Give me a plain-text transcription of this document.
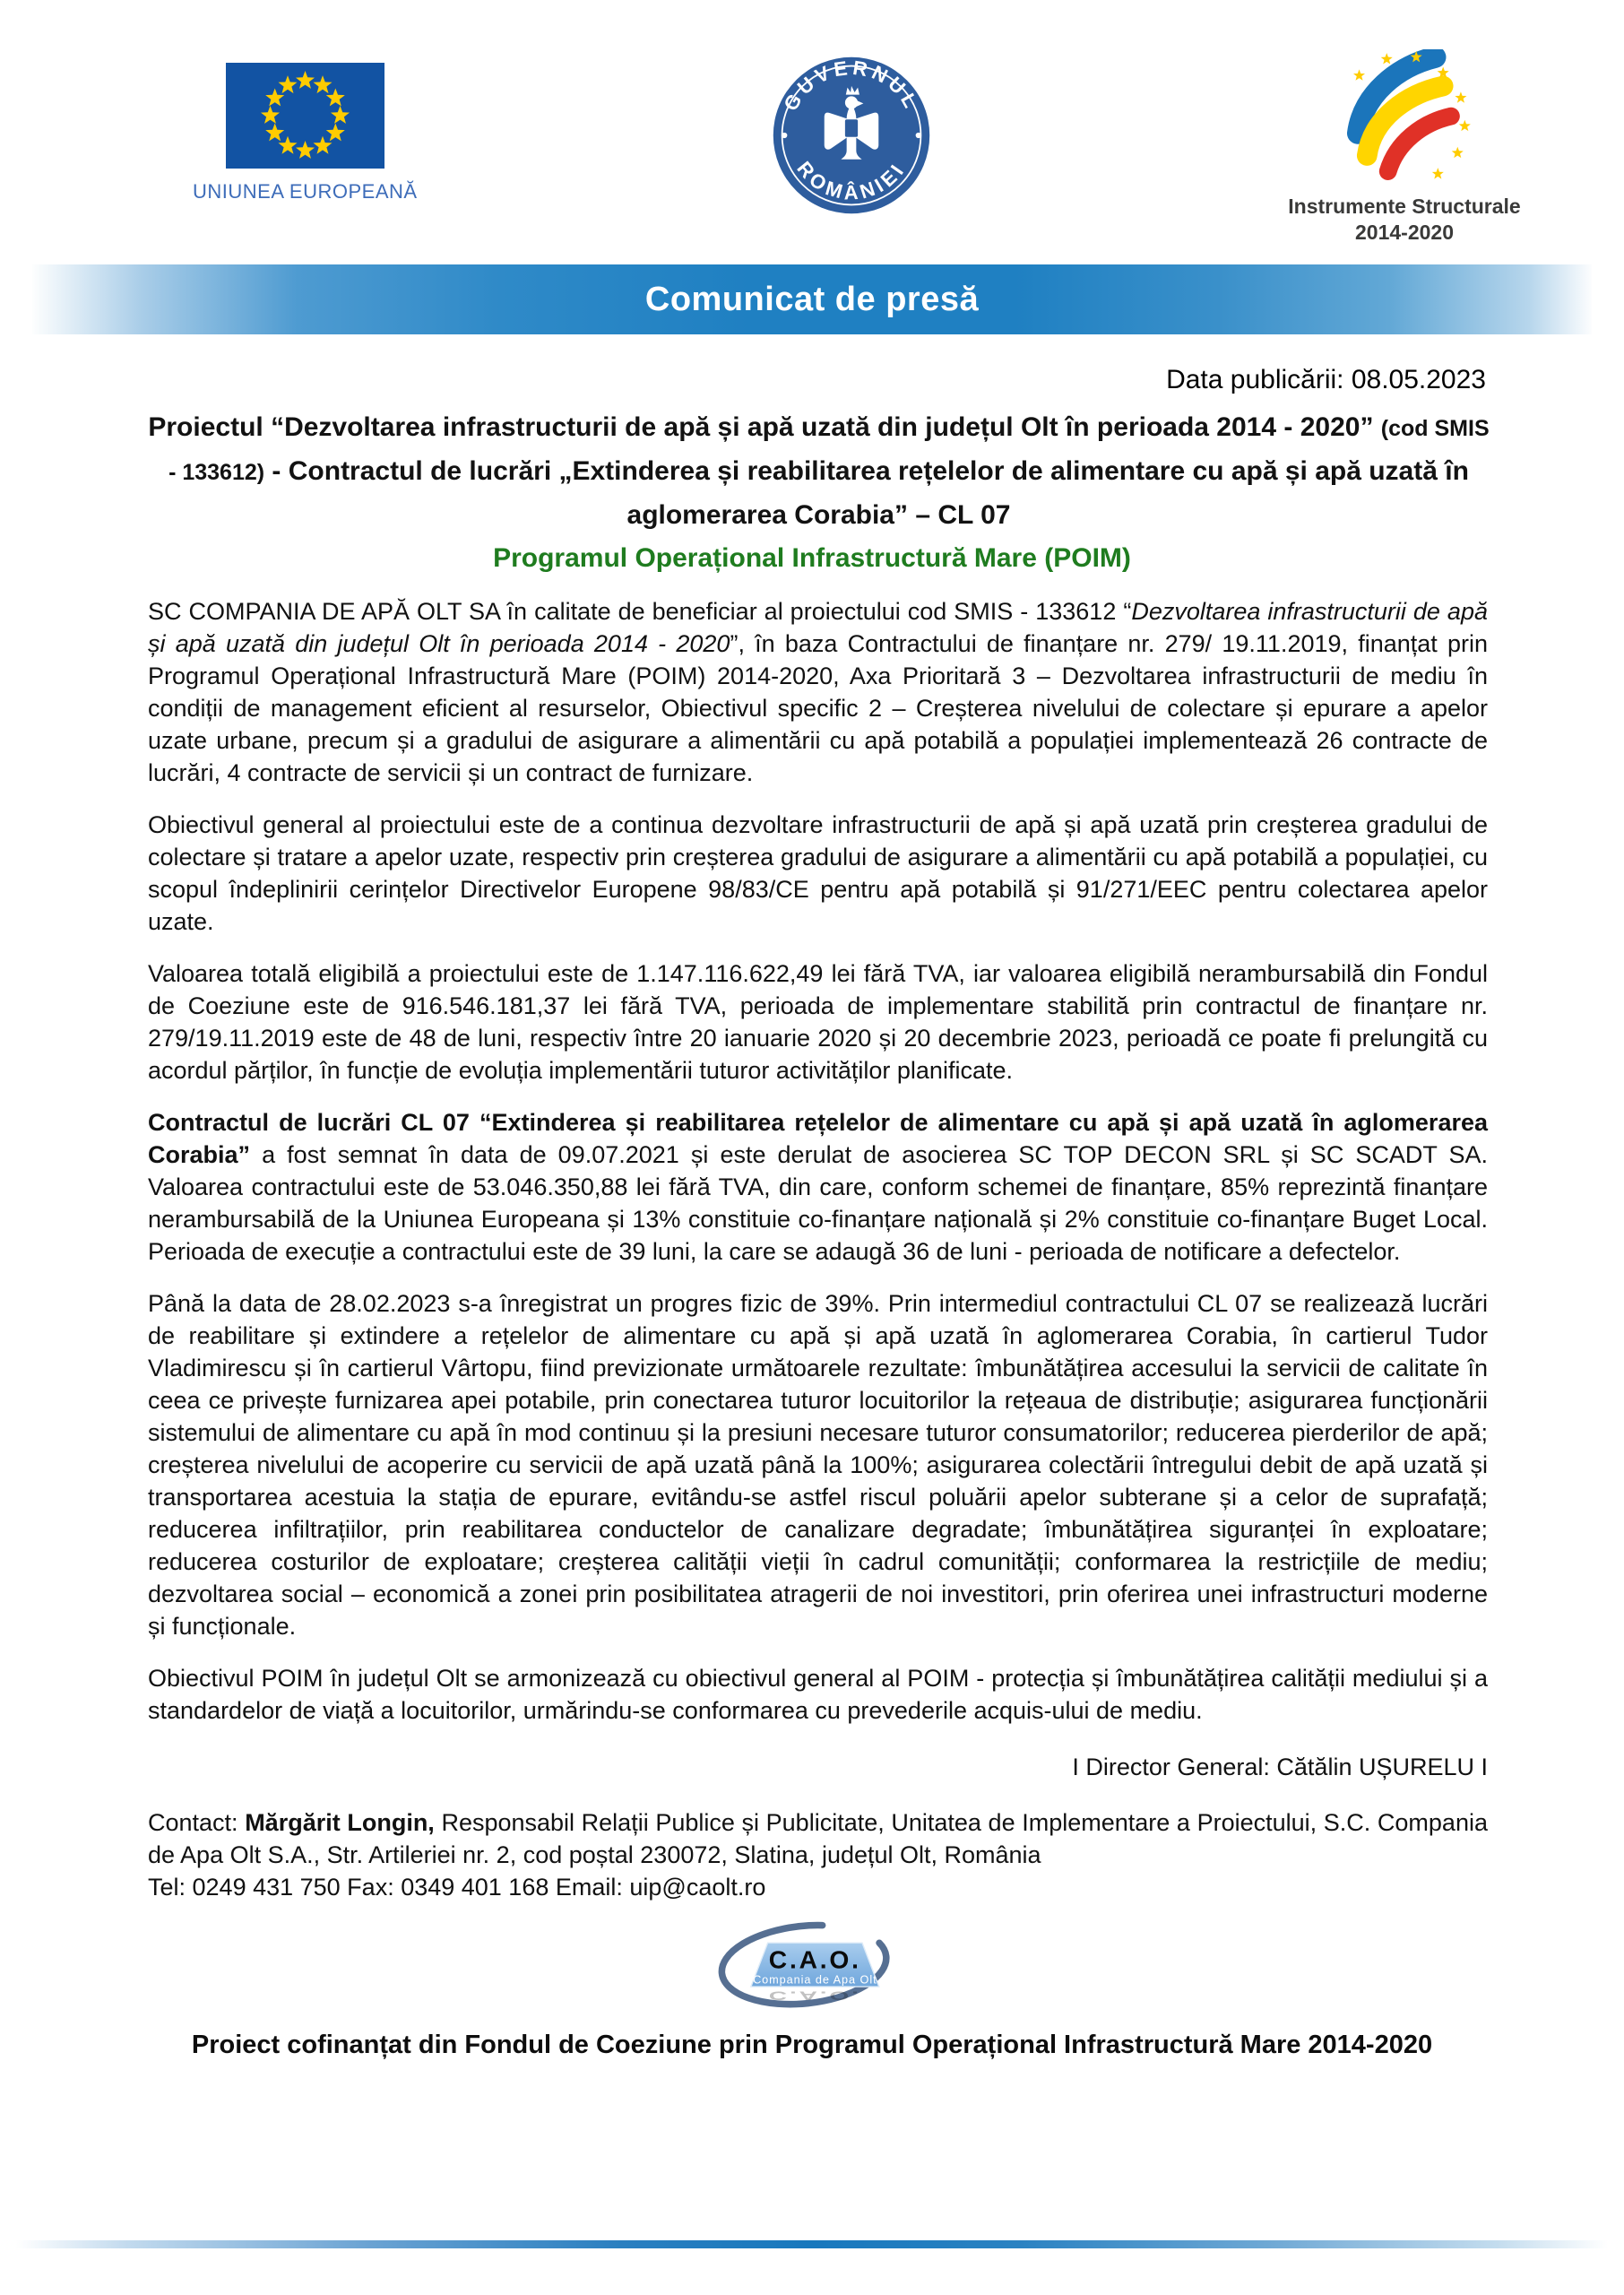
UNIUNEA EUROPEANĂ
GUVERNUL
ROMÂNIEI
Instrumente Structurale
2014-2020
Comunicat de presă
Data publicării: 08.05.2023
Proiectul “Dezvoltarea infrastructurii de apă și apă uzată din județul Olt în perioada 2014 - 2020” (cod SMIS - 133612) - Contractul de lucrări „Extinderea și reabilitarea rețelelor de alimentare cu apă și apă uzată în aglomerarea Corabia” – CL 07
Programul Operațional Infrastructură Mare (POIM)

SC COMPANIA DE APĂ OLT SA în calitate de beneficiar al proiectului cod SMIS - 133612 “Dezvoltarea infrastructurii de apă și apă uzată din județul Olt în perioada 2014 - 2020”, în baza Contractului de finanțare nr. 279/ 19.11.2019, finanțat prin Programul Operațional Infrastructură Mare (POIM) 2014-2020, Axa Prioritară 3 – Dezvoltarea infrastructurii de mediu în condiții de management eficient al resurselor, Obiectivul specific 2 – Creșterea nivelului de colectare și epurare a apelor uzate urbane, precum și a gradului de asigurare a alimentării cu apă potabilă a populației implementează 26 contracte de lucrări, 4 contracte de servicii și un contract de furnizare.

Obiectivul general al proiectului este de a continua dezvoltare infrastructurii de apă și apă uzată prin creșterea gradului de colectare și tratare a apelor uzate, respectiv prin creșterea gradului de asigurare a alimentării cu apă potabilă a populației, cu scopul îndeplinirii cerințelor Directivelor Europene 98/83/CE pentru apă potabilă și 91/271/EEC pentru colectarea apelor uzate.

Valoarea totală eligibilă a proiectului este de 1.147.116.622,49 lei fără TVA, iar valoarea eligibilă nerambursabilă din Fondul de Coeziune este de 916.546.181,37 lei fără TVA, perioada de implementare stabilită prin contractul de finanțare nr. 279/19.11.2019 este de 48 de luni, respectiv între 20 ianuarie 2020 și 20 decembrie 2023, perioadă ce poate fi prelungită cu acordul părților, în funcție de evoluția implementării tuturor activităților planificate.

Contractul de lucrări CL 07 “Extinderea și reabilitarea rețelelor de alimentare cu apă și apă uzată în aglomerarea Corabia” a fost semnat în data de 09.07.2021 și este derulat de asocierea SC TOP DECON SRL și SC SCADT SA. Valoarea contractului este de 53.046.350,88 lei fără TVA, din care, conform schemei de finanțare, 85% reprezintă finanțare nerambursabilă de la Uniunea Europeana și 13% constituie co-finanțare națională și 2% constituie co-finanțare Buget Local. Perioada de execuție a contractului este de 39 luni, la care se adaugă 36 de luni - perioada de notificare a defectelor.

Până la data de 28.02.2023 s-a înregistrat un progres fizic de 39%. Prin intermediul contractului CL 07 se realizează lucrări de reabilitare și extindere a rețelelor de alimentare cu apă și apă uzată în aglomerarea Corabia, în cartierul Tudor Vladimirescu și în cartierul Vârtopu, fiind previzionate următoarele rezultate: îmbunătățirea accesului la servicii de calitate în ceea ce privește furnizarea apei potabile, prin conectarea tuturor locuitorilor la rețeaua de distribuție; asigurarea funcționării sistemului de alimentare cu apă în mod continuu și la presiuni necesare tuturor consumatorilor; reducerea pierderilor de apă; creșterea nivelului de acoperire cu servicii de apă uzată până la 100%; asigurarea colectării întregului debit de apă uzată și transportarea acestuia la stația de epurare, evitându-se astfel riscul poluării apelor subterane și a celor de suprafață; reducerea infiltrațiilor, prin reabilitarea conductelor de canalizare degradate; îmbunătățirea siguranței în exploatare; reducerea costurilor de exploatare; creșterea calității vieții în cadrul comunității; conformarea la restricțiile de mediu; dezvoltarea social – economică a zonei prin posibilitatea atragerii de noi investitori, prin oferirea unei infrastructuri moderne și funcționale.

Obiectivul POIM în județul Olt se armonizează cu obiectivul general al POIM - protecția și îmbunătățirea calității mediului și a standardelor de viață a locuitorilor, urmărindu-se conformarea cu prevederile acquis-ului de mediu.

I Director General: Cătălin UȘURELU I

Contact: Mărgărit Longin, Responsabil Relații Publice și Publicitate, Unitatea de Implementare a Proiectului, S.C. Compania de Apa Olt S.A., Str. Artileriei nr. 2, cod poștal 230072, Slatina, județul Olt, România

Tel: 0249 431 750 Fax: 0349 401 168 Email: uip@caolt.ro

C.A.O.
C.A.O.
Compania de Apa Olt
Proiect cofinanțat din Fondul de Coeziune prin Programul Operațional Infrastructură Mare 2014-2020
